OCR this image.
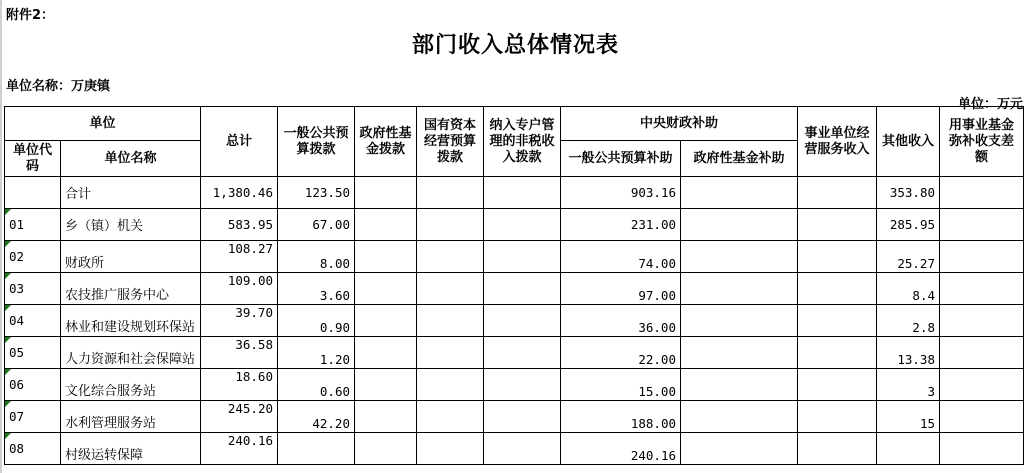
附件2：
部门收入总体情况表
单位名称：万庚镇
单位：万元
单位		总计	一般公共预算拨款	政府性基金拨款	国有资本经营预算拨款	纳入专户管理的非税收入拨款	中央财政补助		事业单位经营服务收入	其他收入	用事业基金弥补收支差额
单位代码	单位名称						一般公共预算补助	政府性基金补助			
	合计	1,380.46	123.50				903.16			353.80	

01	乡（镇）机关	583.95	67.00				231.00			285.95	

02	财政所	108.27	8.00				74.00			25.27	

03	农技推广服务中心	109.00	3.60				97.00			8.4	

04	林业和建设规划环保站	39.70	0.90				36.00			2.8	

05	人力资源和社会保障站	36.58	1.20				22.00			13.38	

06	文化综合服务站	18.60	0.60				15.00			3	

07	水利管理服务站	245.20	42.20				188.00			15	

08	村级运转保障	240.16					240.16				
